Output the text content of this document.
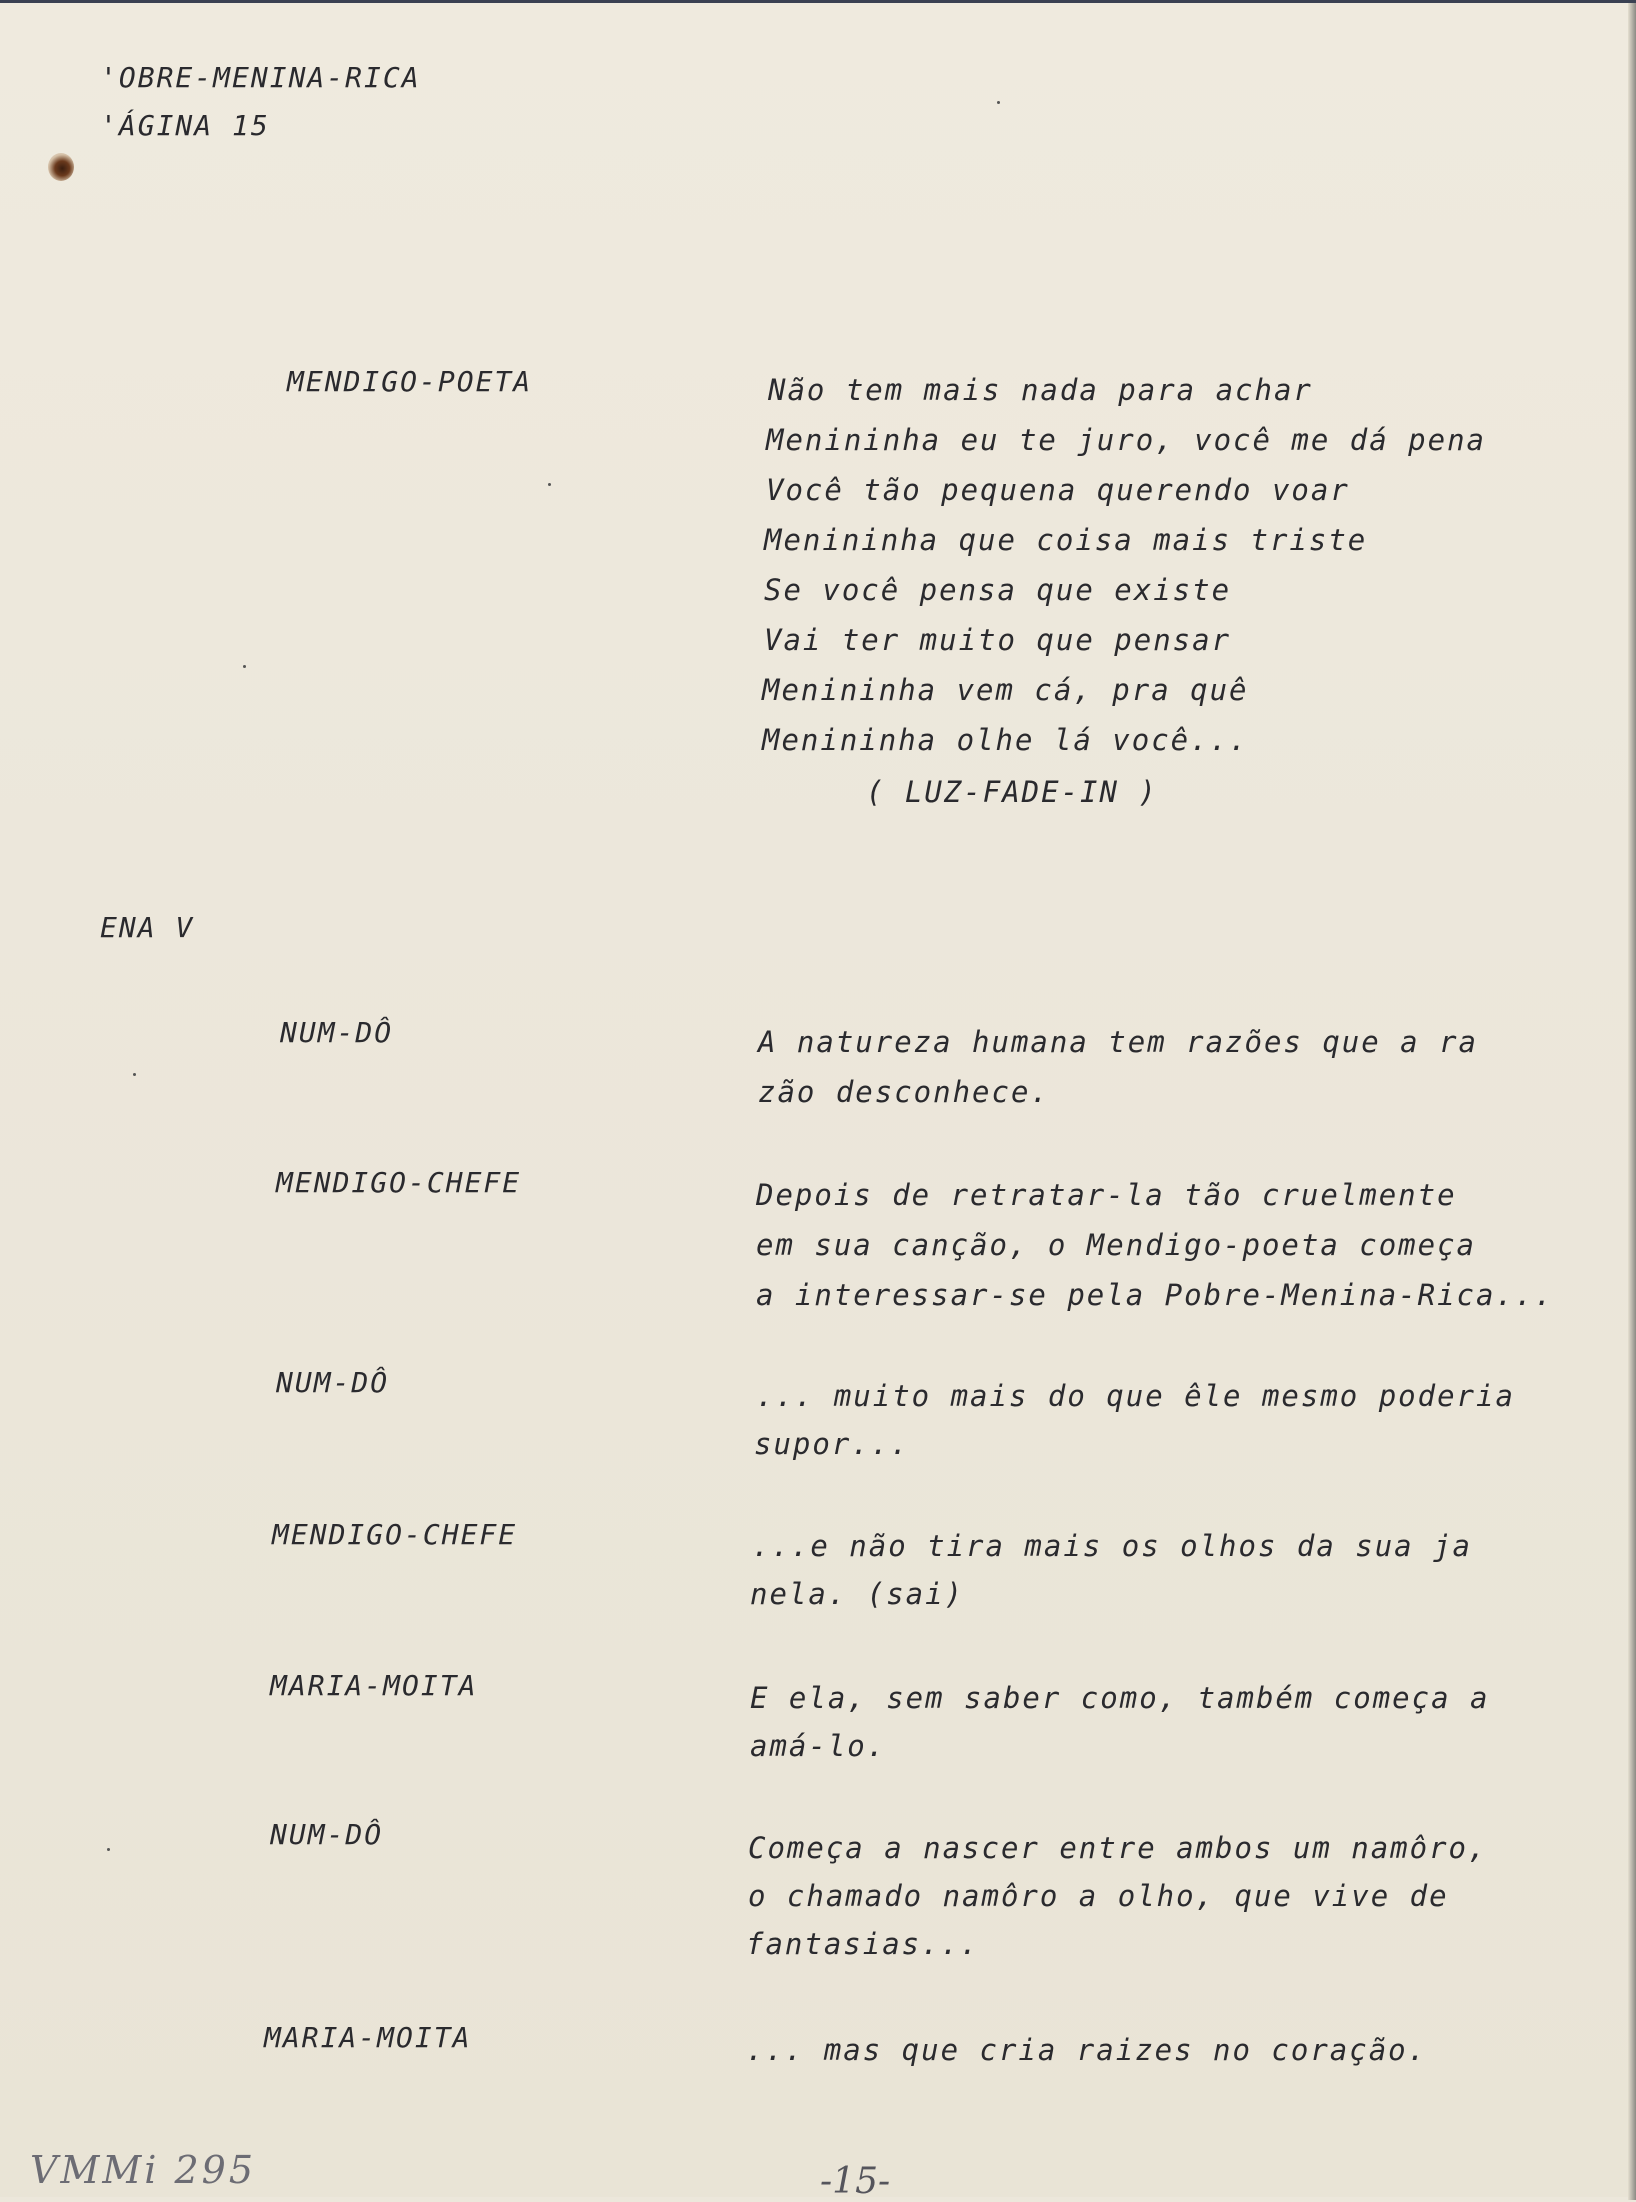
'OBRE-MENINA-RICA
'ÁGINA 15
MENDIGO-POETA	Não tem mais nada para achar
Menininha eu te juro, você me dá pena
Você tão pequena querendo voar
Menininha que coisa mais triste
Se você pensa que existe
Vai ter muito que pensar
Menininha vem cá, pra quê
Menininha olhe lá você...
( LUZ-FADE-IN )
ENA V
NUM-DÔ	A natureza humana tem razões que a ra
zão desconhece.
MENDIGO-CHEFE	Depois de retratar-la tão cruelmente
em sua canção, o Mendigo-poeta começa
a interessar-se pela Pobre-Menina-Rica...
NUM-DÔ	... muito mais do que êle mesmo poderia
supor...
MENDIGO-CHEFE	...e não tira mais os olhos da sua ja
nela. (sai)
MARIA-MOITA	E ela, sem saber como, também começa a
amá-lo.
NUM-DÔ	Começa a nascer entre ambos um namôro,
o chamado namôro a olho, que vive de
fantasias...
MARIA-MOITA	... mas que cria raizes no coração.
VMMi 295	-15-
